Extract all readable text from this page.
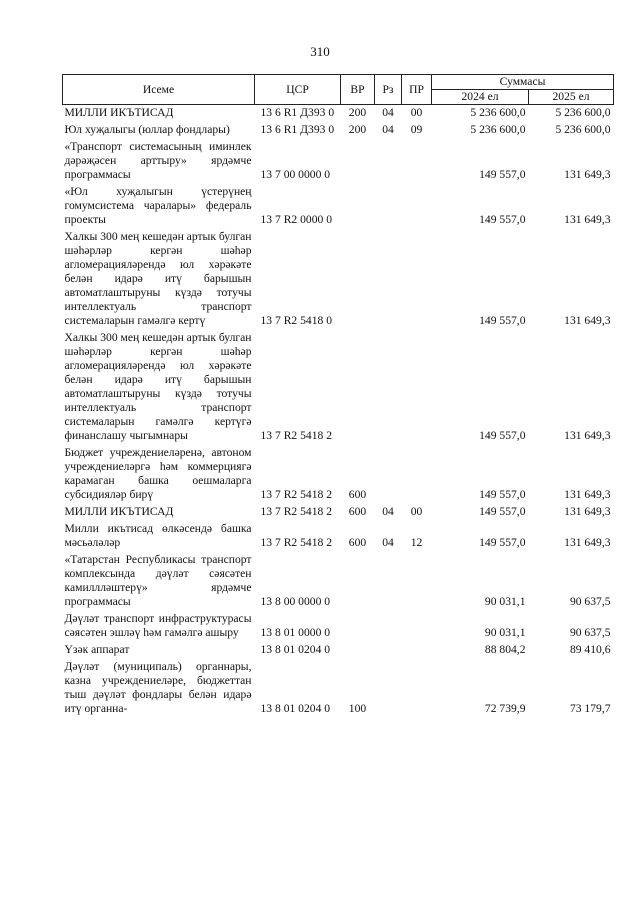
310
Исеме	ЦСР	ВР	Рз	ПР	Суммасы	
					2024 ел	2025 ел
МИЛЛИ ИКЪТИСАД	13 6 R1 Д393 0	200	04	00	5 236 600,0	5 236 600,0
Юл хуҗалыгы (юллар фондлары)	13 6 R1 Д393 0	200	04	09	5 236 600,0	5 236 600,0
«Транспорт системасының иминлек дәрәҗәсен арттыру» ярдәмче программасы	13 7 00 0000 0				149 557,0	131 649,3
«Юл хуҗалыгын үстерүнең гомумсистема чаралары» федераль проекты	13 7 R2 0000 0				149 557,0	131 649,3
Халкы 300 мең кешедән артык булган шәһәрләр кергән шәһәр агломерацияләрендә юл хәрәкәте белән идарә итү барышын автоматлаштыруны күздә тотучы интеллектуаль транспорт системаларын гамәлгә кертү	13 7 R2 5418 0				149 557,0	131 649,3
Халкы 300 мең кешедән артык булган шәһәрләр кергән шәһәр агломерацияләрендә юл хәрәкәте белән идарә итү барышын автоматлаштыруны күздә тотучы интеллектуаль транспорт системаларын гамәлгә кертүгә финанслашу чыгымнары	13 7 R2 5418 2				149 557,0	131 649,3
Бюджет учреждениеләренә, автоном учреждениеләргә һәм коммерциягә карамаган башка оешмаларга субсидияләр бирү	13 7 R2 5418 2	600			149 557,0	131 649,3
МИЛЛИ ИКЪТИСАД	13 7 R2 5418 2	600	04	00	149 557,0	131 649,3
Милли икътисад өлкәсендә башка мәсьәләләр	13 7 R2 5418 2	600	04	12	149 557,0	131 649,3
«Татарстан Республикасы транспорт комплексында дәүләт сәясәтен камиллләштерү» ярдәмче программасы	13 8 00 0000 0				90 031,1	90 637,5
Дәүләт транспорт инфраструктурасы сәясәтен эшләү һәм гамәлгә ашыру	13 8 01 0000 0				90 031,1	90 637,5
Үзәк аппарат	13 8 01 0204 0				88 804,2	89 410,6
Дәүләт (муниципаль) органнары, казна учреждениеләре, бюджеттан тыш дәүләт фондлары белән идарә итү органна-	13 8 01 0204 0	100			72 739,9	73 179,7
